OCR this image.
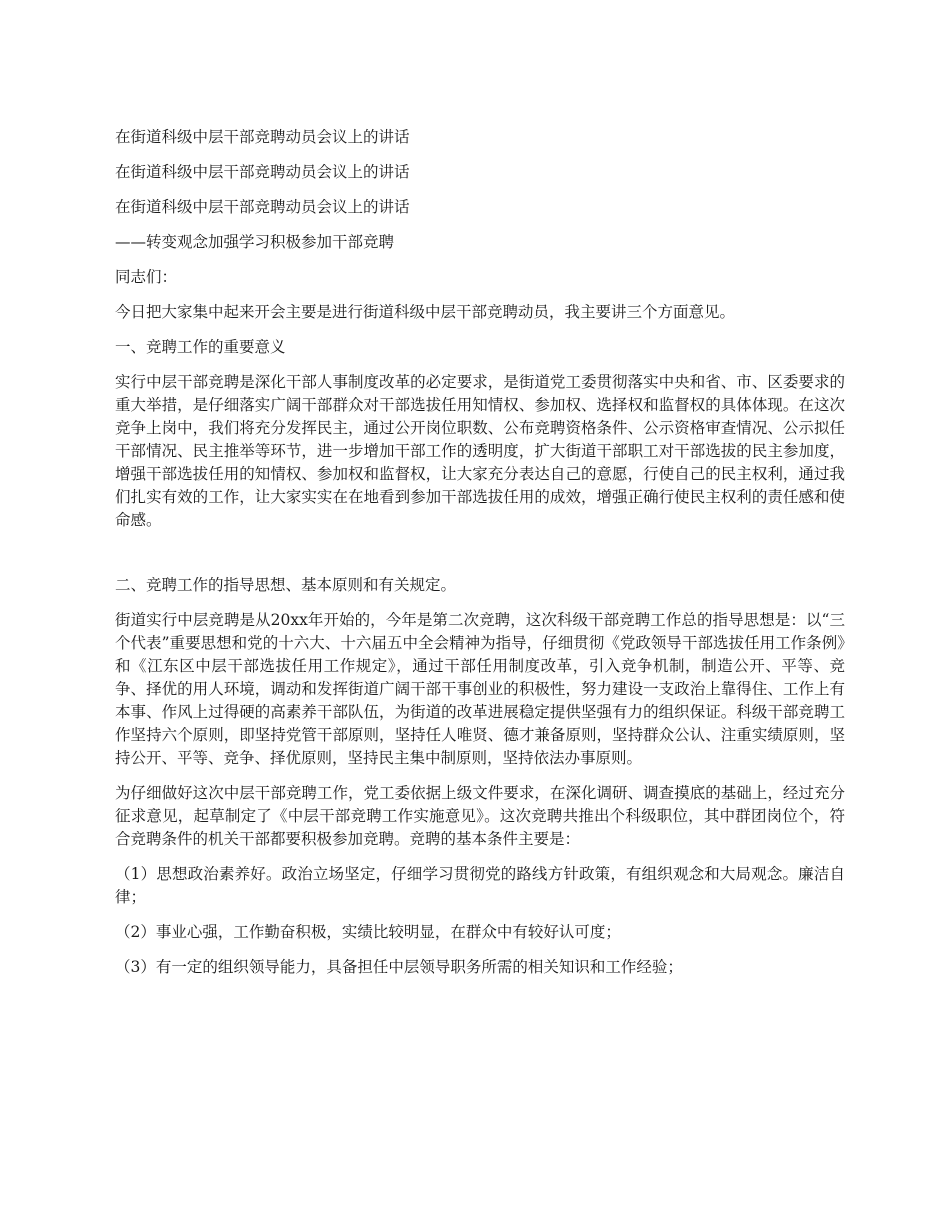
在街道科级中层干部竞聘动员会议上的讲话

在街道科级中层干部竞聘动员会议上的讲话

在街道科级中层干部竞聘动员会议上的讲话

——转变观念加强学习积极参加干部竞聘

同志们：

今日把大家集中起来开会主要是进行街道科级中层干部竞聘动员，我主要讲三个方面意见。

一、竞聘工作的重要意义

实行中层干部竞聘是深化干部人事制度改革的必定要求，是街道党工委贯彻落实中央和省、市、区委要求的重大举措，是仔细落实广阔干部群众对干部选拔任用知情权、参加权、选择权和监督权的具体体现。在这次竞争上岗中，我们将充分发挥民主，通过公开岗位职数、公布竞聘资格条件、公示资格审查情况、公示拟任干部情况、民主推举等环节，进一步增加干部工作的透明度，扩大街道干部职工对干部选拔的民主参加度，增强干部选拔任用的知情权、参加权和监督权，让大家充分表达自己的意愿，行使自己的民主权利，通过我们扎实有效的工作，让大家实实在在地看到参加干部选拔任用的成效，增强正确行使民主权利的责任感和使命感。

二、竞聘工作的指导思想、基本原则和有关规定。

街道实行中层竞聘是从20xx年开始的，今年是第二次竞聘，这次科级干部竞聘工作总的指导思想是：以“三个代表”重要思想和党的十六大、十六届五中全会精神为指导，仔细贯彻《党政领导干部选拔任用工作条例》和《江东区中层干部选拔任用工作规定》，通过干部任用制度改革，引入竞争机制，制造公开、平等、竞争、择优的用人环境，调动和发挥街道广阔干部干事创业的积极性，努力建设一支政治上靠得住、工作上有本事、作风上过得硬的高素养干部队伍，为街道的改革进展稳定提供坚强有力的组织保证。科级干部竞聘工作坚持六个原则，即坚持党管干部原则，坚持任人唯贤、德才兼备原则，坚持群众公认、注重实绩原则，坚持公开、平等、竞争、择优原则，坚持民主集中制原则，坚持依法办事原则。

为仔细做好这次中层干部竞聘工作，党工委依据上级文件要求，在深化调研、调查摸底的基础上，经过充分征求意见，起草制定了《中层干部竞聘工作实施意见》。这次竞聘共推出个科级职位，其中群团岗位个，符合竞聘条件的机关干部都要积极参加竞聘。竞聘的基本条件主要是：

（1）思想政治素养好。政治立场坚定，仔细学习贯彻党的路线方针政策，有组织观念和大局观念。廉洁自律；

（2）事业心强，工作勤奋积极，实绩比较明显，在群众中有较好认可度；

（3）有一定的组织领导能力，具备担任中层领导职务所需的相关知识和工作经验；
